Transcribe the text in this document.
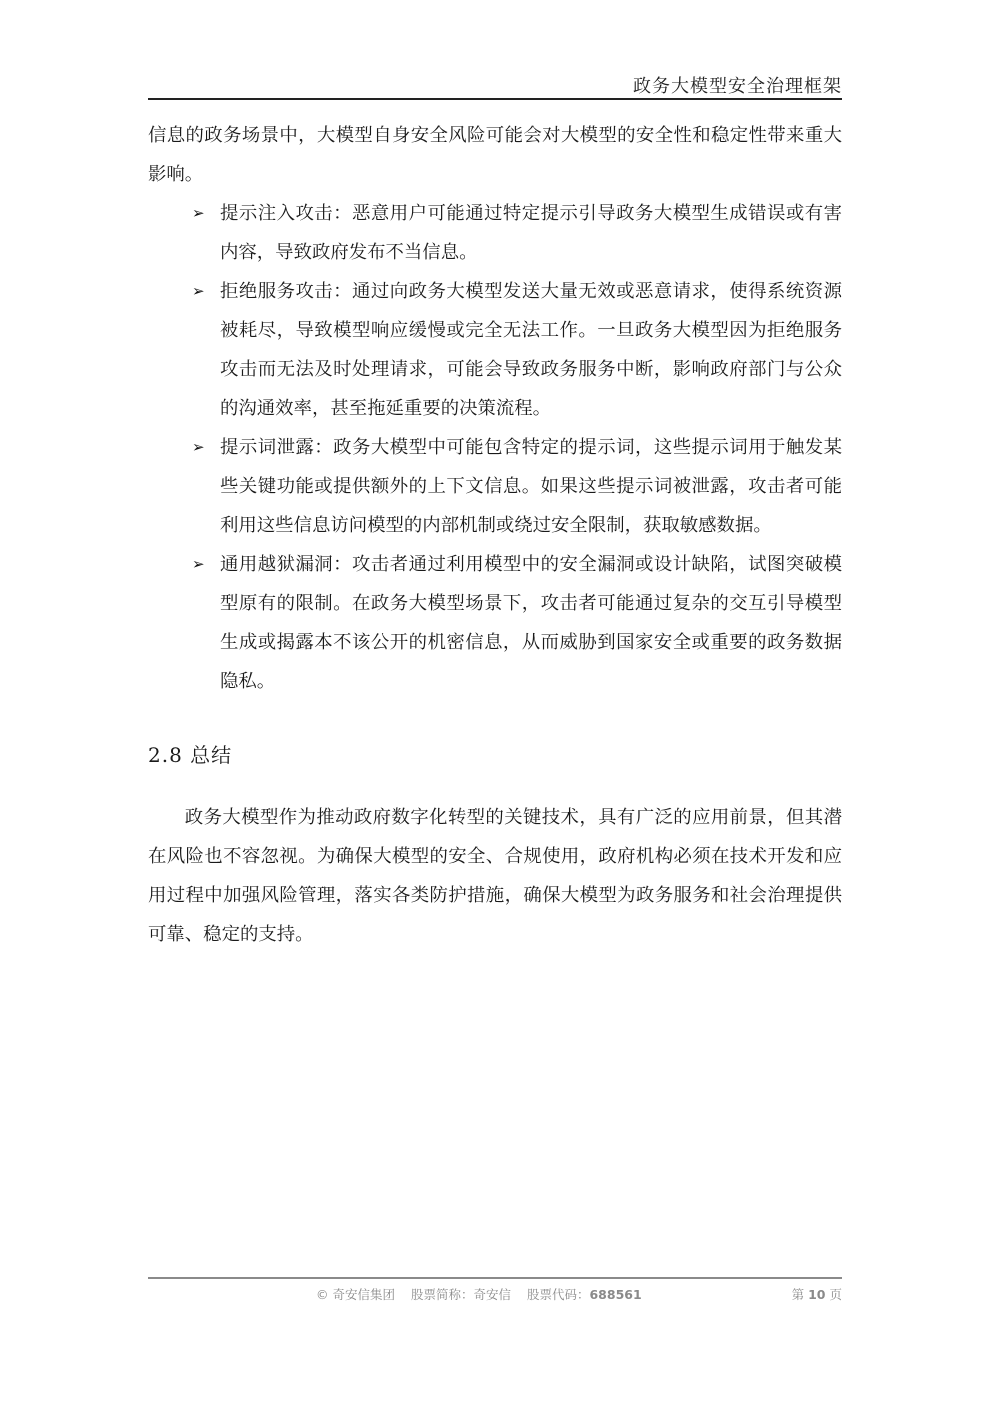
政务大模型安全治理框架

信息的政务场景中，大模型自身安全风险可能会对大模型的安全性和稳定性带来重大影响。

➢ 提示注入攻击：恶意用户可能通过特定提示引导政务大模型生成错误或有害内容，导致政府发布不当信息。
➢ 拒绝服务攻击：通过向政务大模型发送大量无效或恶意请求，使得系统资源被耗尽，导致模型响应缓慢或完全无法工作。一旦政务大模型因为拒绝服务攻击而无法及时处理请求，可能会导致政务服务中断，影响政府部门与公众的沟通效率，甚至拖延重要的决策流程。
➢ 提示词泄露：政务大模型中可能包含特定的提示词，这些提示词用于触发某些关键功能或提供额外的上下文信息。如果这些提示词被泄露，攻击者可能利用这些信息访问模型的内部机制或绕过安全限制，获取敏感数据。
➢ 通用越狱漏洞：攻击者通过利用模型中的安全漏洞或设计缺陷，试图突破模型原有的限制。在政务大模型场景下，攻击者可能通过复杂的交互引导模型生成或揭露本不该公开的机密信息，从而威胁到国家安全或重要的政务数据隐私。
2.8 总结

政务大模型作为推动政府数字化转型的关键技术，具有广泛的应用前景，但其潜在风险也不容忽视。为确保大模型的安全、合规使用，政府机构必须在技术开发和应用过程中加强风险管理，落实各类防护措施，确保大模型为政务服务和社会治理提供可靠、稳定的支持。

© 奇安信集团 股票简称：奇安信 股票代码：688561	第 10 页
